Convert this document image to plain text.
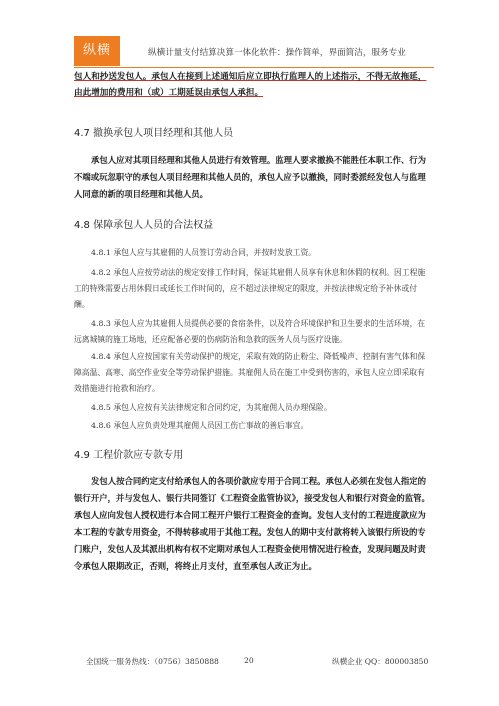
纵横	纵横计量支付结算决算一体化软件：操作简单，界面简洁，服务专业
包人和抄送发包人。承包人在接到上述通知后应立即执行监理人的上述指示，不得无故拖延，由此增加的费用和（或）工期延误由承包人承担。
4.7 撤换承包人项目经理和其他人员
承包人应对其项目经理和其他人员进行有效管理。监理人要求撤换不能胜任本职工作、行为不端或玩忽职守的承包人项目经理和其他人员的，承包人应予以撤换，同时委派经发包人与监理人同意的新的项目经理和其他人员。
4.8 保障承包人人员的合法权益
4.8.1 承包人应与其雇佣的人员签订劳动合同，并按时发放工资。
4.8.2 承包人应按劳动法的规定安排工作时间，保证其雇佣人员享有休息和休假的权利。因工程施工的特殊需要占用休假日或延长工作时间的，应不超过法律规定的限度，并按法律规定给予补休或付酬。
4.8.3 承包人应为其雇佣人员提供必要的食宿条件，以及符合环境保护和卫生要求的生活环境，在远离城镇的施工场地，还应配备必要的伤病防治和急救的医务人员与医疗设施。
4.8.4 承包人应按国家有关劳动保护的规定，采取有效的防止粉尘、降低噪声、控制有害气体和保障高温、高寒、高空作业安全等劳动保护措施。其雇佣人员在施工中受到伤害的，承包人应立即采取有效措施进行抢救和治疗。
4.8.5 承包人应按有关法律规定和合同约定，为其雇佣人员办理保险。
4.8.6 承包人应负责处理其雇佣人员因工伤亡事故的善后事宜。
4.9 工程价款应专款专用
发包人按合同约定支付给承包人的各项价款应专用于合同工程。承包人必须在发包人指定的银行开户，并与发包人、银行共同签订《工程资金监管协议》，接受发包人和银行对资金的监管。承包人应向发包人授权进行本合同工程开户银行工程资金的查询。发包人支付的工程进度款应为本工程的专款专用资金，不得转移或用于其他工程。发包人的期中支付款将转入该银行所设的专门账户，发包人及其派出机构有权不定期对承包人工程资金使用情况进行检查，发现问题及时责令承包人限期改正，否则，将终止月支付，直至承包人改正为止。
全国统一服务热线：（0756）3850888	20	纵横企业 QQ：800003850
